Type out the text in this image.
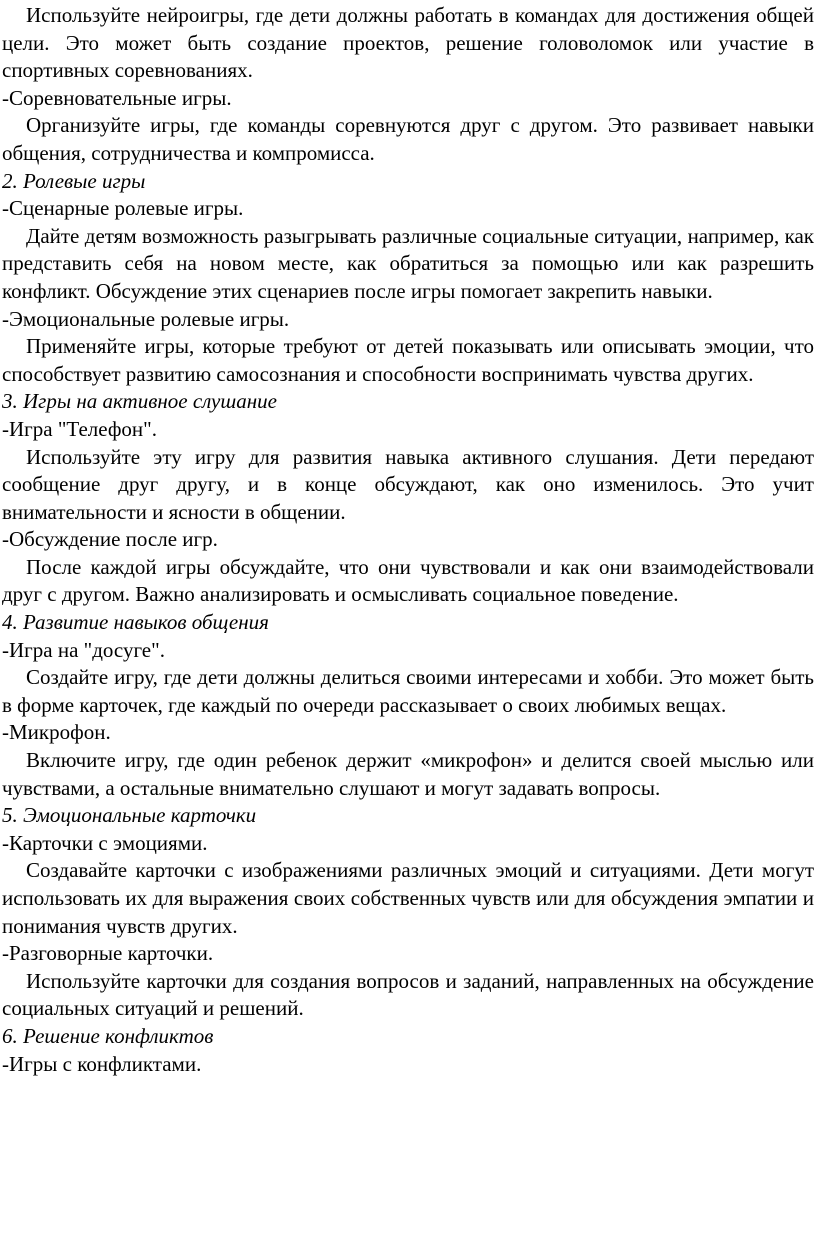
Используйте нейроигры, где дети должны работать в командах для достижения общей цели. Это может быть создание проектов, решение головоломок или участие в спортивных соревнованиях.

-Соревновательные игры.

Организуйте игры, где команды соревнуются друг с другом. Это развивает навыки общения, сотрудничества и компромисса.

2. Ролевые игры

-Сценарные ролевые игры.

Дайте детям возможность разыгрывать различные социальные ситуации, например, как представить себя на новом месте, как обратиться за помощью или как разрешить конфликт. Обсуждение этих сценариев после игры помогает закрепить навыки.

-Эмоциональные ролевые игры.

Применяйте игры, которые требуют от детей показывать или описывать эмоции, что способствует развитию самосознания и способности воспринимать чувства других.

3. Игры на активное слушание

-Игра "Телефон".

Используйте эту игру для развития навыка активного слушания. Дети передают сообщение друг другу, и в конце обсуждают, как оно изменилось. Это учит внимательности и ясности в общении.

-Обсуждение после игр.

После каждой игры обсуждайте, что они чувствовали и как они взаимодействовали друг с другом. Важно анализировать и осмысливать социальное поведение.

4. Развитие навыков общения

-Игра на "досуге".

Создайте игру, где дети должны делиться своими интересами и хобби. Это может быть в форме карточек, где каждый по очереди рассказывает о своих любимых вещах.

-Микрофон.

Включите игру, где один ребенок держит «микрофон» и делится своей мыслью или чувствами, а остальные внимательно слушают и могут задавать вопросы.

5. Эмоциональные карточки

-Карточки с эмоциями.

Создавайте карточки с изображениями различных эмоций и ситуациями. Дети могут использовать их для выражения своих собственных чувств или для обсуждения эмпатии и понимания чувств других.

-Разговорные карточки.

Используйте карточки для создания вопросов и заданий, направленных на обсуждение социальных ситуаций и решений.

6. Решение конфликтов

-Игры с конфликтами.
